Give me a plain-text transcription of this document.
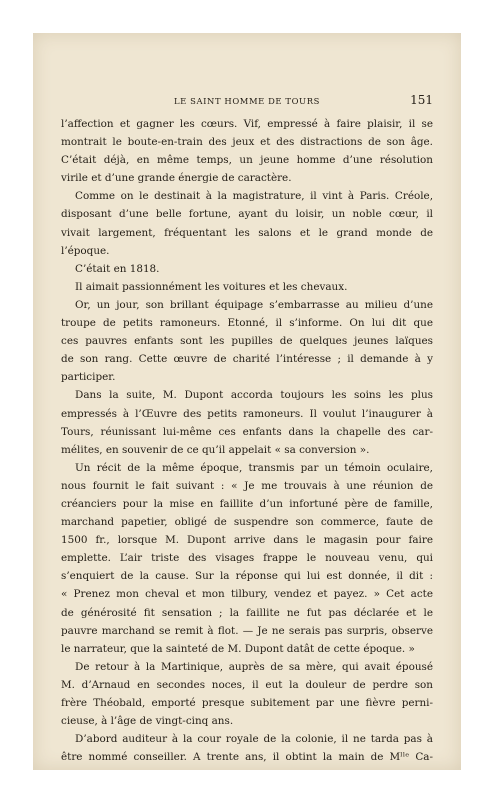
LE SAINT HOMME DE TOURS	151
l’affection et gagner les cœurs. Vif, empressé à faire plaisir, il se
montrait le boute-en-train des jeux et des distractions de son âge.
C’était déjà, en même temps, un jeune homme d’une résolution
virile et d’une grande énergie de caractère.
Comme on le destinait à la magistrature, il vint à Paris. Créole,
disposant d’une belle fortune, ayant du loisir, un noble cœur, il
vivait largement, fréquentant les salons et le grand monde de
l’époque.
C’était en 1818.
Il aimait passionnément les voitures et les chevaux.
Or, un jour, son brillant équipage s’embarrasse au milieu d’une
troupe de petits ramoneurs. Etonné, il s’informe. On lui dit que
ces pauvres enfants sont les pupilles de quelques jeunes laïques
de son rang. Cette œuvre de charité l’intéresse ; il demande à y
participer.
Dans la suite, M. Dupont accorda toujours les soins les plus
empressés à l’Œuvre des petits ramoneurs. Il voulut l’inaugurer à
Tours, réunissant lui-même ces enfants dans la chapelle des car-
mélites, en souvenir de ce qu’il appelait « sa conversion ».
Un récit de la même époque, transmis par un témoin oculaire,
nous fournit le fait suivant : « Je me trouvais à une réunion de
créanciers pour la mise en faillite d’un infortuné père de famille,
marchand papetier, obligé de suspendre son commerce, faute de
1500 fr., lorsque M. Dupont arrive dans le magasin pour faire
emplette. L’air triste des visages frappe le nouveau venu, qui
s’enquiert de la cause. Sur la réponse qui lui est donnée, il dit :
« Prenez mon cheval et mon tilbury, vendez et payez. » Cet acte
de générosité fit sensation ; la faillite ne fut pas déclarée et le
pauvre marchand se remit à flot. — Je ne serais pas surpris, observe
le narrateur, que la sainteté de M. Dupont datât de cette époque. »
De retour à la Martinique, auprès de sa mère, qui avait épousé
M. d’Arnaud en secondes noces, il eut la douleur de perdre son
frère Théobald, emporté presque subitement par une fièvre perni-
cieuse, à l’âge de vingt-cinq ans.
D’abord auditeur à la cour royale de la colonie, il ne tarda pas à
être nommé conseiller. A trente ans, il obtint la main de Mˡˡᵉ Ca-
